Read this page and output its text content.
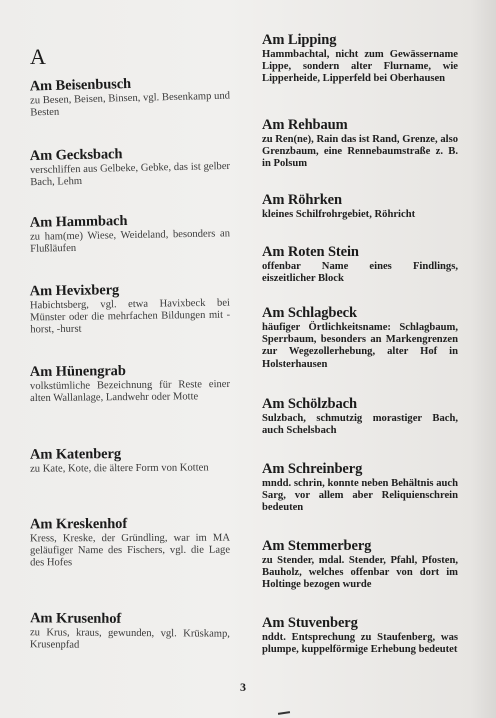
A
Am Beisenbusch
zu Besen, Beisen, Binsen, vgl. Besenkamp und Besten
Am Gecksbach
verschliffen aus Gelbeke, Gebke, das ist gelber Bach, Lehm
Am Hammbach
zu ham(me) Wiese, Weideland, besonders an Flußläufen
Am Hevixberg
Habichtsberg, vgl. etwa Havixbeck bei Münster oder die mehrfachen Bildungen mit -horst, -hurst
Am Hünengrab
volkstümliche Bezeichnung für Reste einer alten Wallanlage, Landwehr oder Motte
Am Katenberg
zu Kate, Kote, die ältere Form von Kotten
Am Kreskenhof
Kress, Kreske, der Gründling, war im MA geläufiger Name des Fischers, vgl. die Lage des Hofes
Am Krusenhof
zu Krus, kraus, gewunden, vgl. Krüskamp, Krusenpfad
Am Lipping
Hammbachtal, nicht zum Gewässername Lippe, sondern alter Flurname, wie Lipperheide, Lipperfeld bei Oberhausen
Am Rehbaum
zu Ren(ne), Rain das ist Rand, Grenze, also Grenzbaum, eine Rennebaumstraße z. B. in Polsum
Am Röhrken
kleines Schilfrohrgebiet, Röhricht
Am Roten Stein
offenbar Name eines Findlings, eiszeitlicher Block
Am Schlagbeck
häufiger Örtlichkeitsname: Schlagbaum, Sperrbaum, besonders an Markengrenzen zur Wegezollerhebung, alter Hof in Holsterhausen
Am Schölzbach
Sulzbach, schmutzig morastiger Bach, auch Schelsbach
Am Schreinberg
mndd. schrin, konnte neben Behältnis auch Sarg, vor allem aber Reliquienschrein bedeuten
Am Stemmerberg
zu Stender, mdal. Stender, Pfahl, Pfosten, Bauholz, welches offenbar von dort im Holtinge bezogen wurde
Am Stuvenberg
nddt. Entsprechung zu Staufenberg, was plumpe, kuppelförmige Erhebung bedeutet
3
